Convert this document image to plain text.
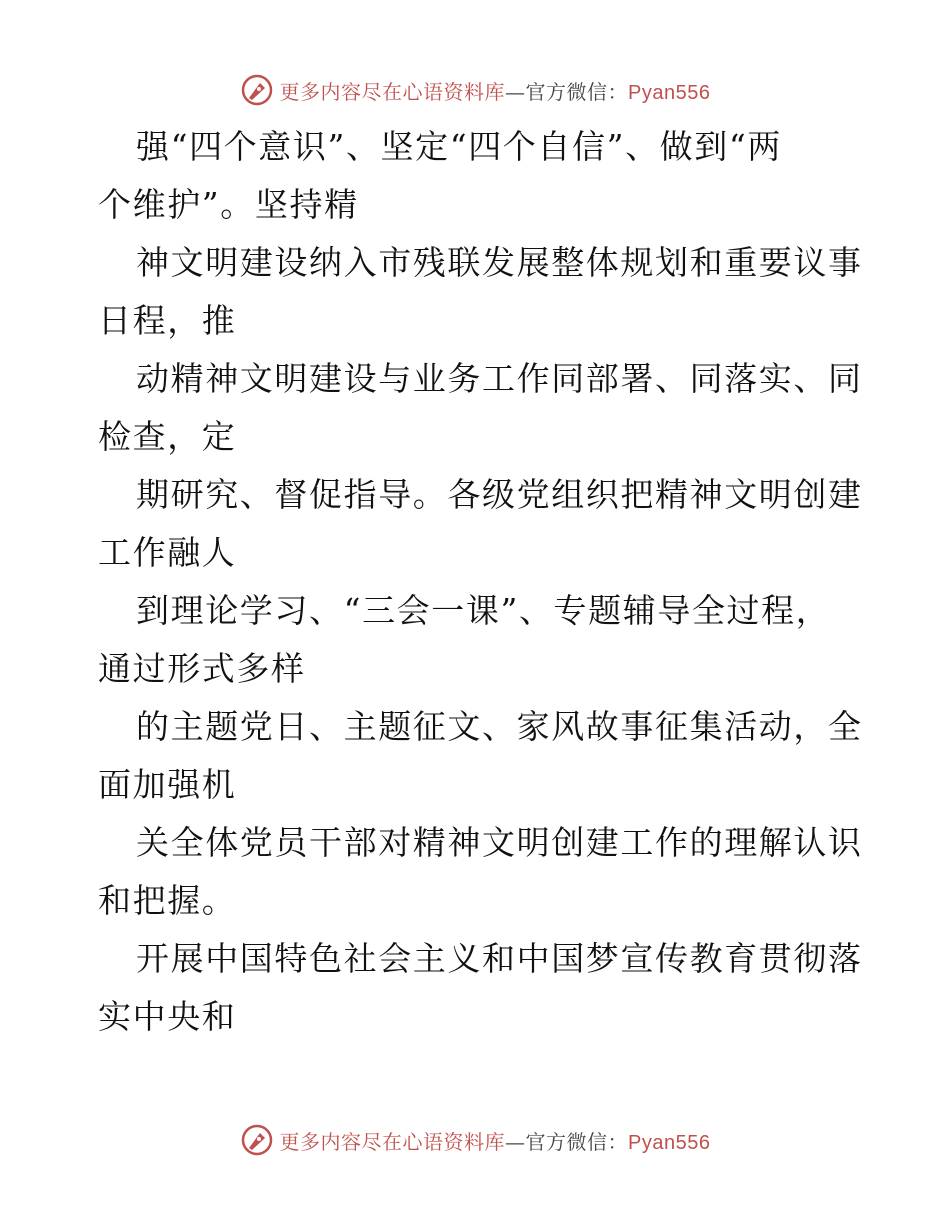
更多内容尽在心语资料库—官方微信：Pyan556
强“四个意识”、坚定“四个自信”、做到“两
个维护”。坚持精
神文明建设纳入市残联发展整体规划和重要议事
日程，推
动精神文明建设与业务工作同部署、同落实、同
检查，定
期研究、督促指导。各级党组织把精神文明创建
工作融人
到理论学习、“三会一课”、专题辅导全过程，
通过形式多样
的主题党日、主题征文、家风故事征集活动，全
面加强机
关全体党员干部对精神文明创建工作的理解认识
和把握。
开展中国特色社会主义和中国梦宣传教育贯彻落
实中央和
更多内容尽在心语资料库—官方微信：Pyan556
